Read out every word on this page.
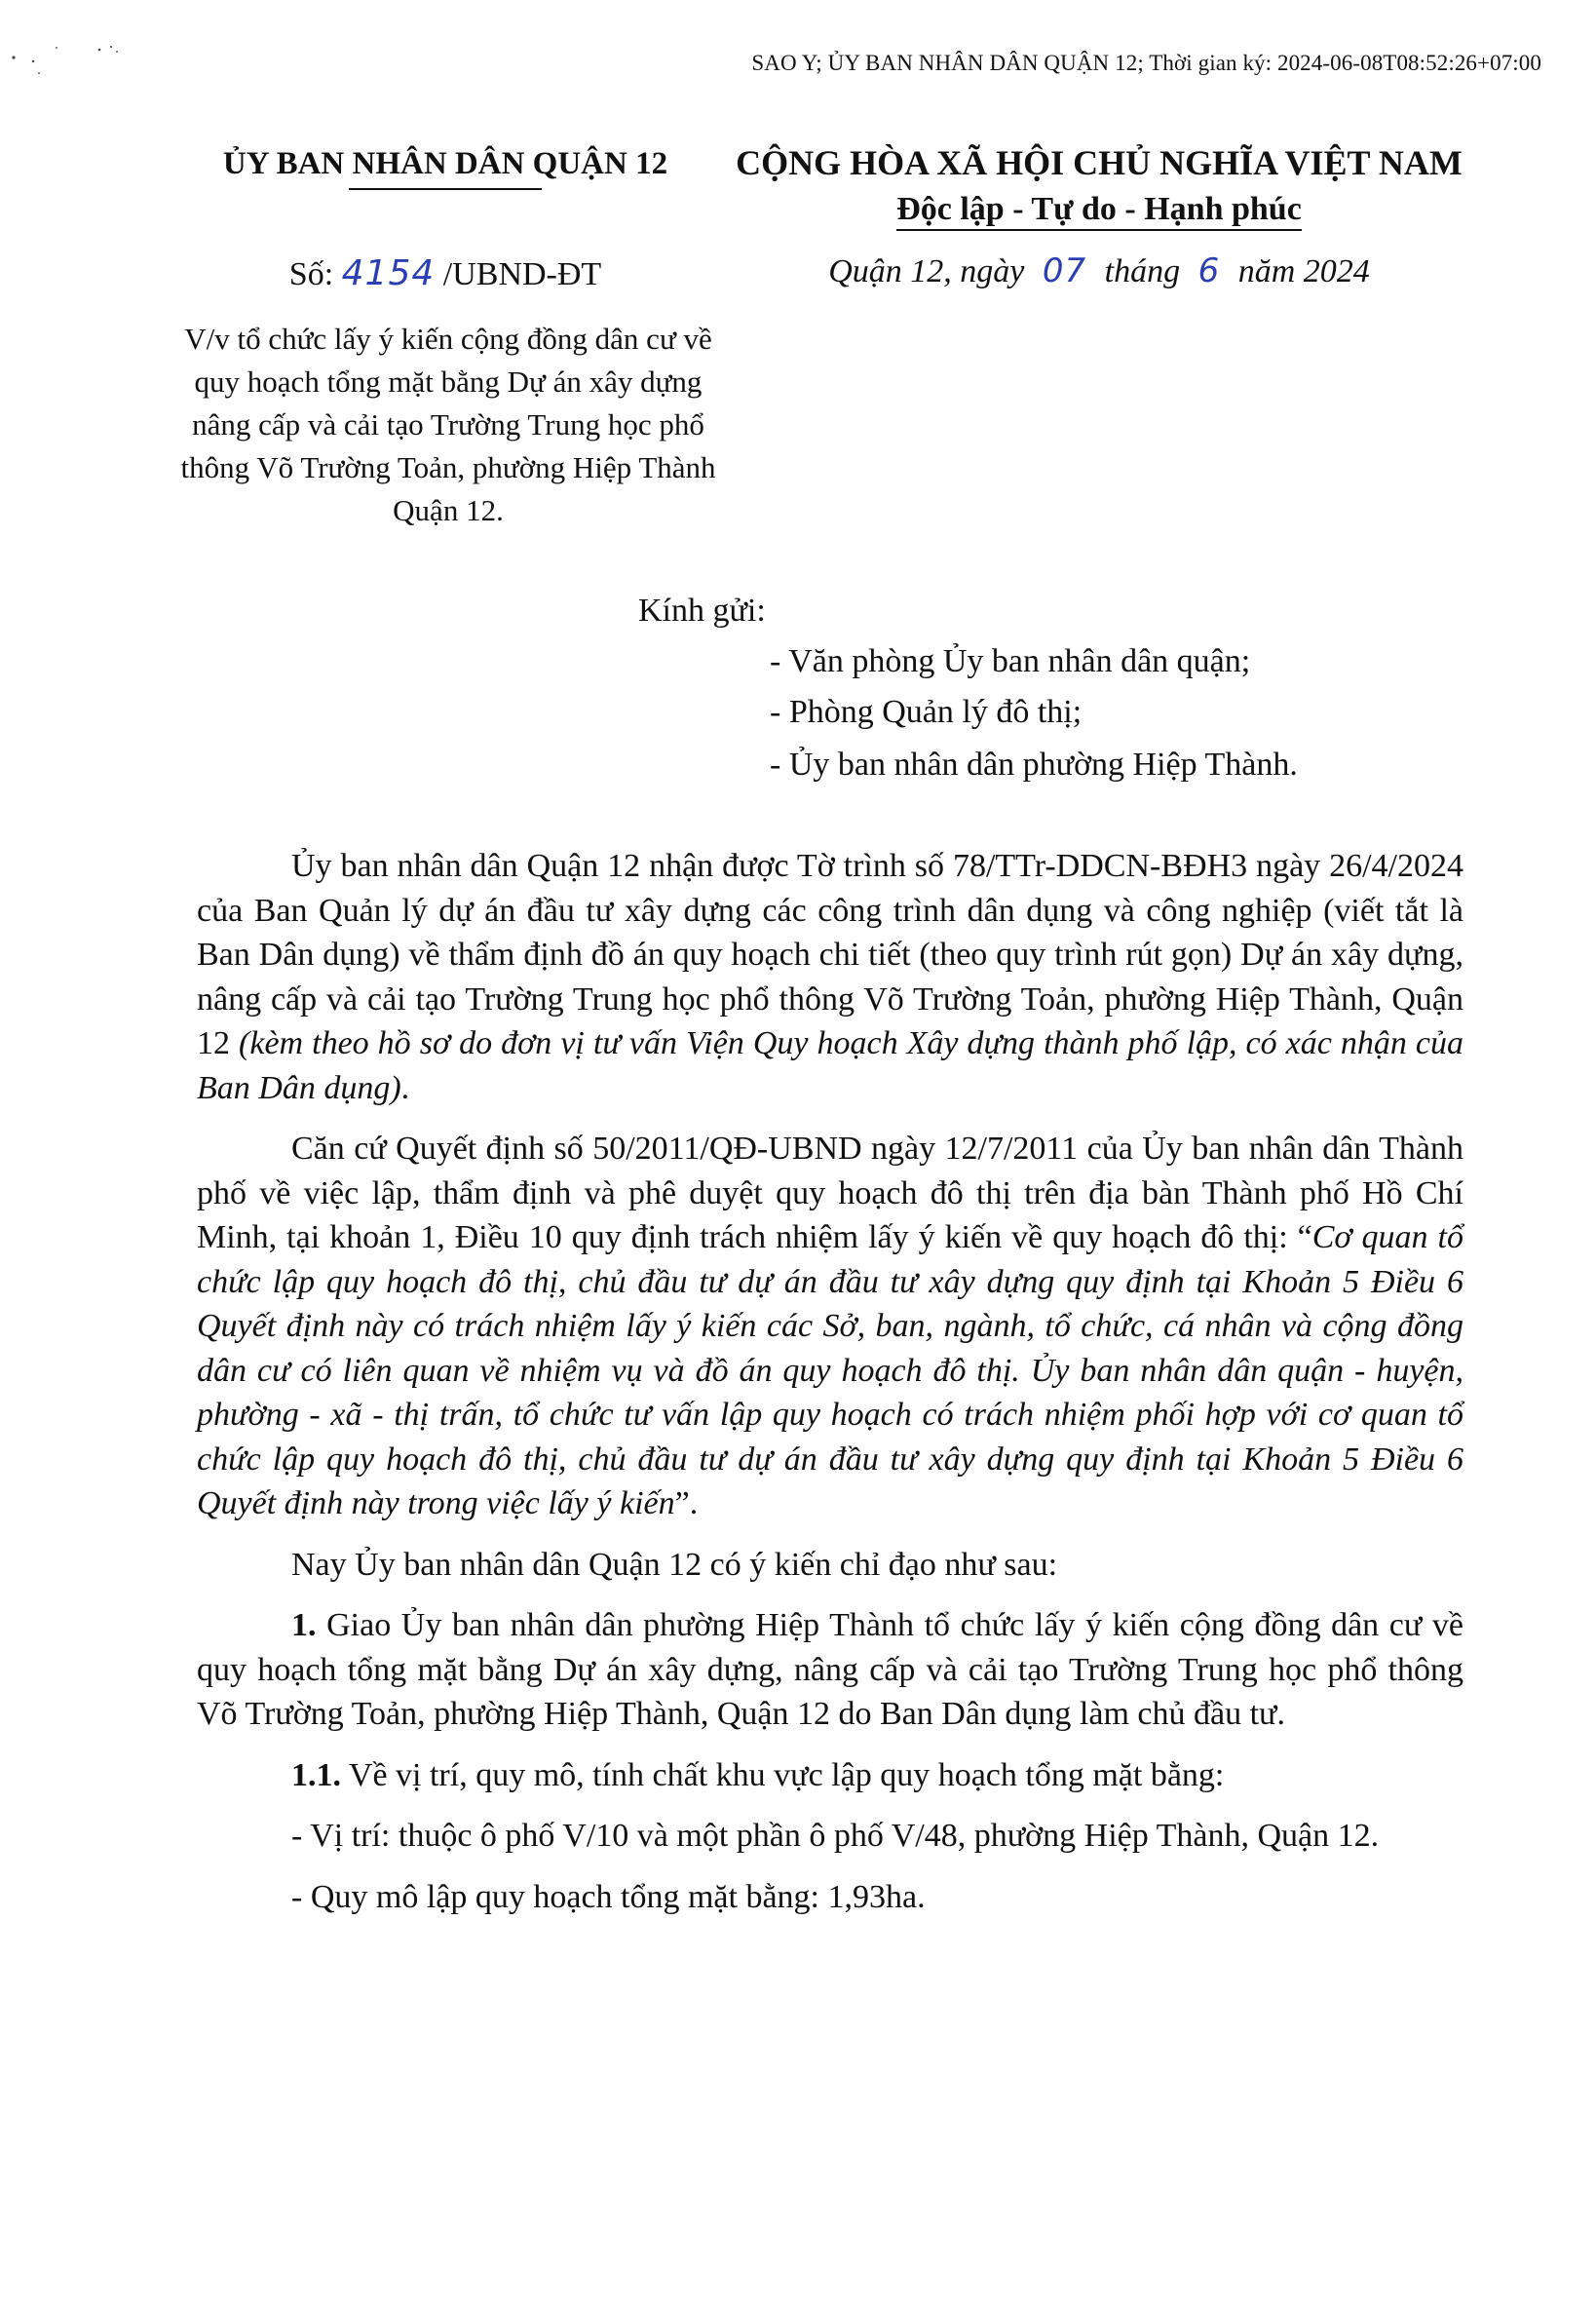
SAO Y; ỦY BAN NHÂN DÂN QUẬN 12; Thời gian ký: 2024-06-08T08:52:26+07:00
ỦY BAN NHÂN DÂN QUẬN 12	CỘNG HÒA XÃ HỘI CHỦ NGHĨA VIỆT NAM
Độc lập - Tự do - Hạnh phúc
Số: 4154 /UBND-ĐT	Quận 12, ngày 07 tháng 6 năm 2024
V/v tổ chức lấy ý kiến cộng đồng dân cư về quy hoạch tổng mặt bằng Dự án xây dựng nâng cấp và cải tạo Trường Trung học phổ thông Võ Trường Toản, phường Hiệp Thành Quận 12.
Kính gửi:
- Văn phòng Ủy ban nhân dân quận;
- Phòng Quản lý đô thị;
- Ủy ban nhân dân phường Hiệp Thành.

Ủy ban nhân dân Quận 12 nhận được Tờ trình số 78/TTr-DDCN-BĐH3 ngày 26/4/2024 của Ban Quản lý dự án đầu tư xây dựng các công trình dân dụng và công nghiệp (viết tắt là Ban Dân dụng) về thẩm định đồ án quy hoạch chi tiết (theo quy trình rút gọn) Dự án xây dựng, nâng cấp và cải tạo Trường Trung học phổ thông Võ Trường Toản, phường Hiệp Thành, Quận 12 (kèm theo hồ sơ do đơn vị tư vấn Viện Quy hoạch Xây dựng thành phố lập, có xác nhận của Ban Dân dụng).

Căn cứ Quyết định số 50/2011/QĐ-UBND ngày 12/7/2011 của Ủy ban nhân dân Thành phố về việc lập, thẩm định và phê duyệt quy hoạch đô thị trên địa bàn Thành phố Hồ Chí Minh, tại khoản 1, Điều 10 quy định trách nhiệm lấy ý kiến về quy hoạch đô thị: “Cơ quan tổ chức lập quy hoạch đô thị, chủ đầu tư dự án đầu tư xây dựng quy định tại Khoản 5 Điều 6 Quyết định này có trách nhiệm lấy ý kiến các Sở, ban, ngành, tổ chức, cá nhân và cộng đồng dân cư có liên quan về nhiệm vụ và đồ án quy hoạch đô thị. Ủy ban nhân dân quận - huyện, phường - xã - thị trấn, tổ chức tư vấn lập quy hoạch có trách nhiệm phối hợp với cơ quan tổ chức lập quy hoạch đô thị, chủ đầu tư dự án đầu tư xây dựng quy định tại Khoản 5 Điều 6 Quyết định này trong việc lấy ý kiến”.

Nay Ủy ban nhân dân Quận 12 có ý kiến chỉ đạo như sau:

1. Giao Ủy ban nhân dân phường Hiệp Thành tổ chức lấy ý kiến cộng đồng dân cư về quy hoạch tổng mặt bằng Dự án xây dựng, nâng cấp và cải tạo Trường Trung học phổ thông Võ Trường Toản, phường Hiệp Thành, Quận 12 do Ban Dân dụng làm chủ đầu tư.

1.1. Về vị trí, quy mô, tính chất khu vực lập quy hoạch tổng mặt bằng:

- Vị trí: thuộc ô phố V/10 và một phần ô phố V/48, phường Hiệp Thành, Quận 12.

- Quy mô lập quy hoạch tổng mặt bằng: 1,93ha.
